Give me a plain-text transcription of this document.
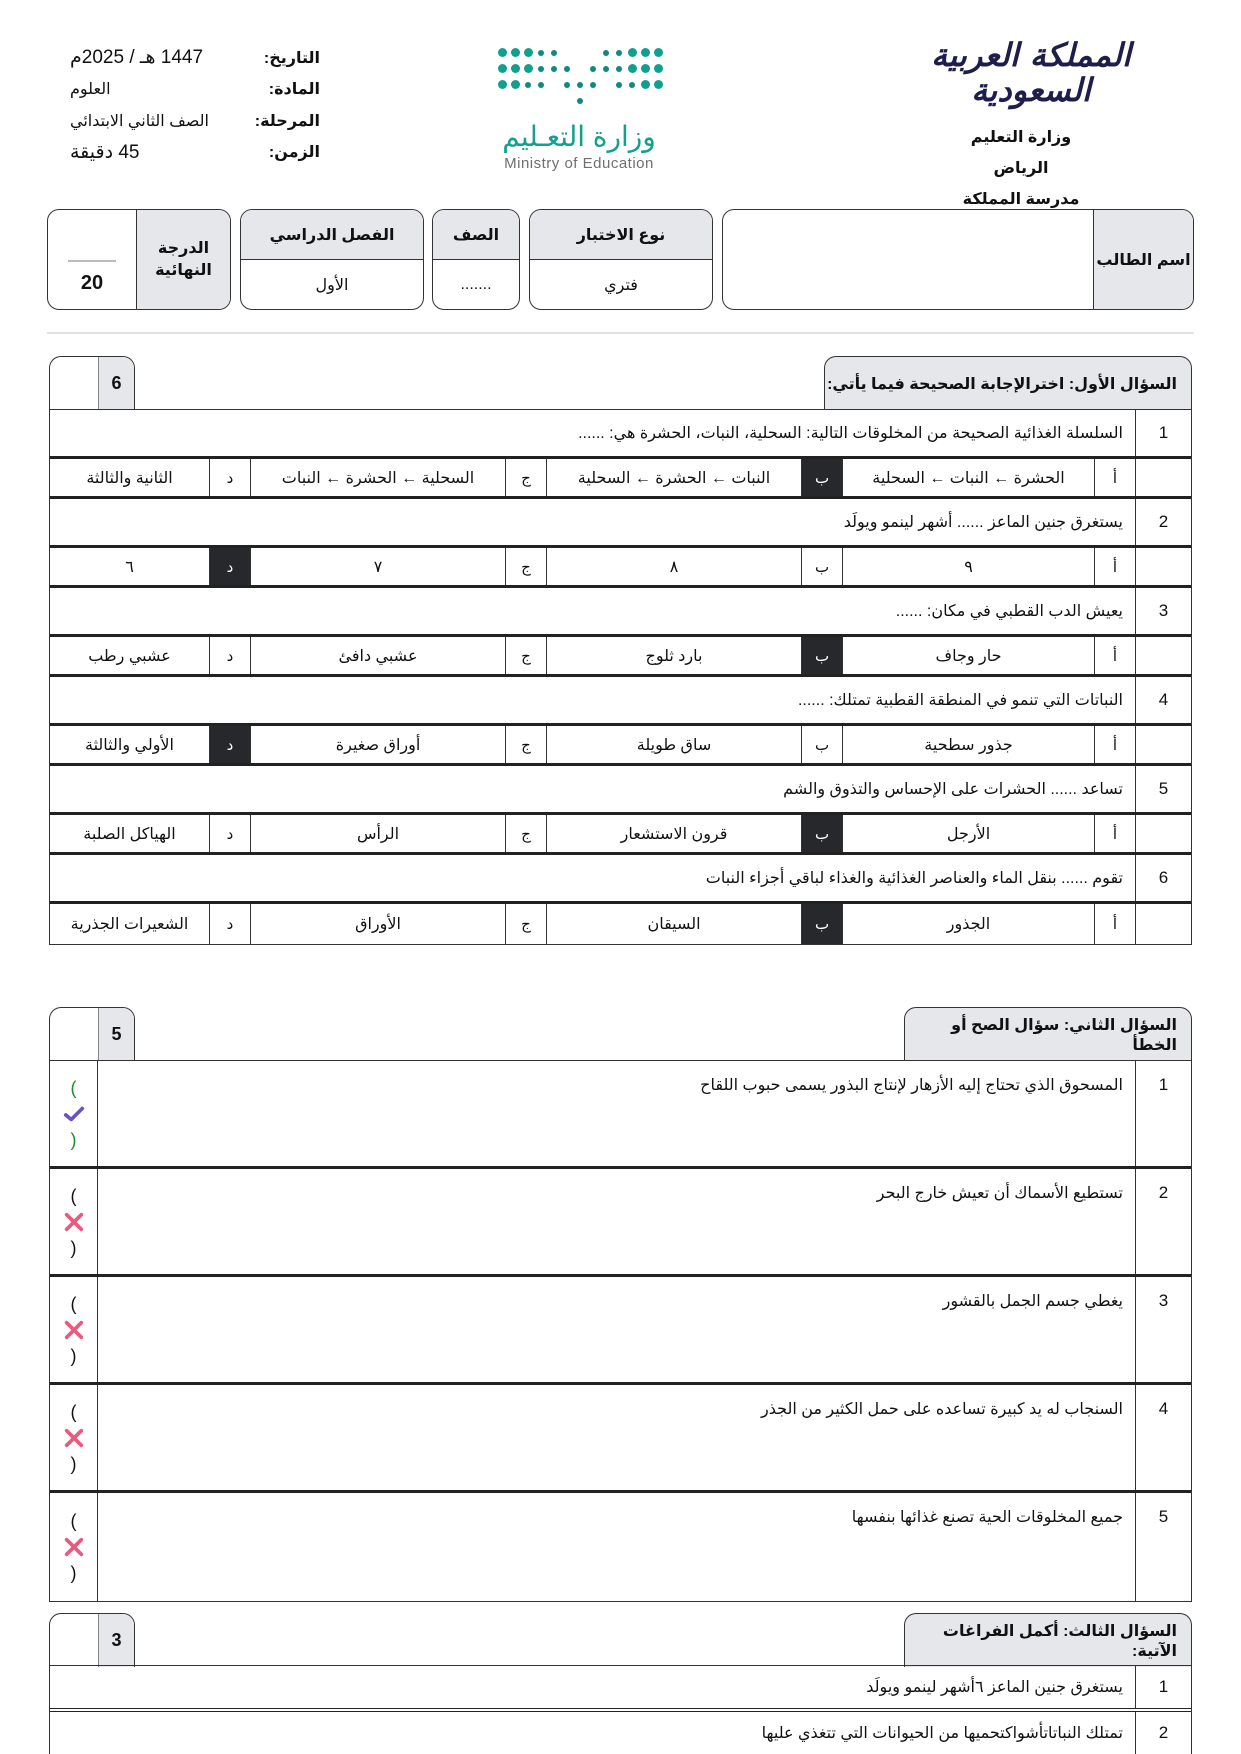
المملكة العربية السعودية
وزارة التعليم
الرياض
مدرسة المملكة
وزارة التعـليم
Ministry of Education
التاريخ:
1447 هـ / 2025م
المادة:
العلوم
المرحلة:
الصف الثاني الابتدائي
الزمن:
45 دقيقة
اسم الطالب
نوع الاختبار
فتري
الصف
.......
الفصل الدراسي
الأول
الدرجة النهائية
20
السؤال الأول: اخترالإجابة الصحيحة فيما يأتي:
6
1
السلسلة الغذائية الصحيحة من المخلوقات التالية: السحلية، النبات، الحشرة هي: ......
أ
الحشرة ← النبات ← السحلية
ب
النبات ← الحشرة ← السحلية
ج
السحلية ← الحشرة ← النبات
د
الثانية والثالثة
2
يستغرق جنين الماعز ...... أشهر لينمو ويولَد
أ
٩
ب
٨
ج
٧
د
٦
3
يعيش الدب القطبي في مكان: ......
أ
حار وجاف
ب
بارد ثلوج
ج
عشبي دافئ
د
عشبي رطب
4
النباتات التي تنمو في المنطقة القطبية تمتلك: ......
أ
جذور سطحية
ب
ساق طويلة
ج
أوراق صغيرة
د
الأولي والثالثة
5
تساعد ...... الحشرات على الإحساس والتذوق والشم
أ
الأرجل
ب
قرون الاستشعار
ج
الرأس
د
الهياكل الصلبة
6
تقوم ...... بنقل الماء والعناصر الغذائية والغذاء لباقي أجزاء النبات
أ
الجذور
ب
السيقان
ج
الأوراق
د
الشعيرات الجذرية
السؤال الثاني: سؤال الصح أو الخطأ
5
1
المسحوق الذي تحتاج إليه الأزهار لإنتاج البذور يسمى حبوب اللقاح
)
(
2
تستطيع الأسماك أن تعيش خارج البحر
)
(
3
يغطي جسم الجمل بالقشور
)
(
4
السنجاب له يد كبيرة تساعده على حمل الكثير من الجذر
)
(
5
جميع المخلوقات الحية تصنع غذائها بنفسها
)
(
السؤال الثالث: أكمل الفراغات الآتية:
3
1
يستغرق جنين الماعز ٦أشهر لينمو ويولَد
2
تمتلك النباتاتأشواكتحميها من الحيوانات التي تتغذي عليها
